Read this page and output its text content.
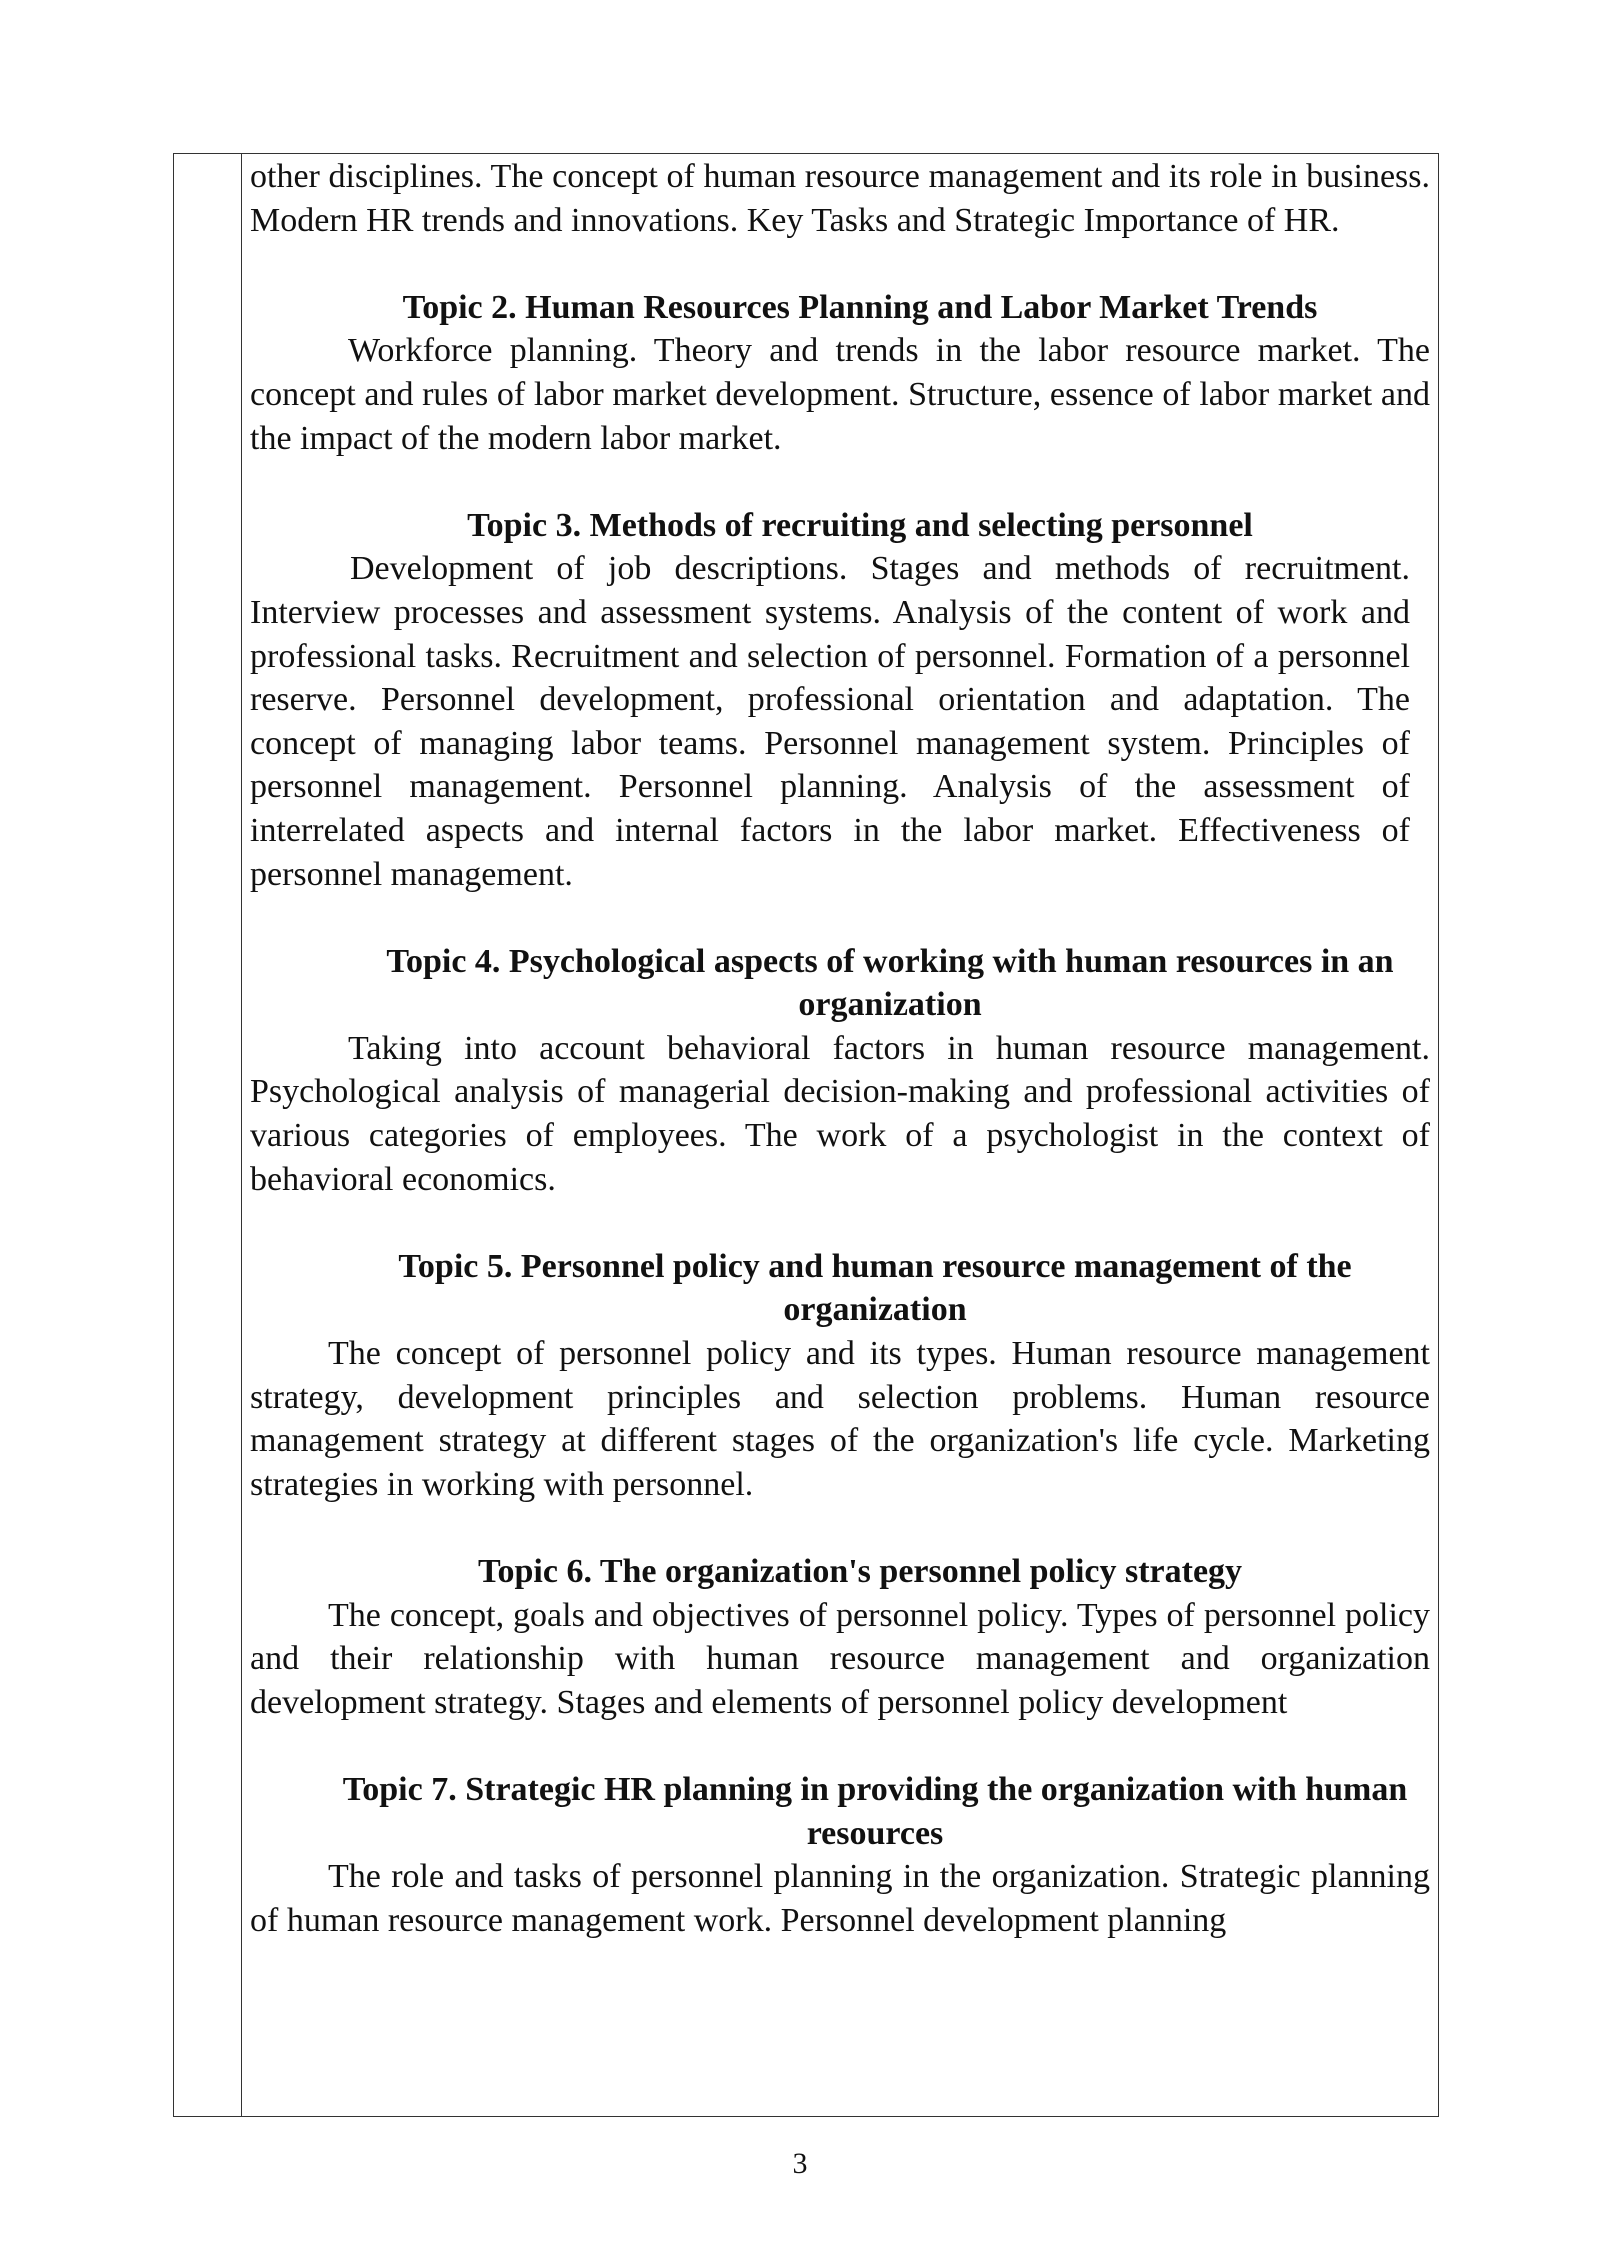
other disciplines. The concept of human resource management and its role in business. Modern HR trends and innovations. Key Tasks and Strategic Importance of HR.

Topic 2. Human Resources Planning and Labor Market Trends

Workforce planning. Theory and trends in the labor resource market. The concept and rules of labor market development. Structure, essence of labor market and the impact of the modern labor market.

Topic 3. Methods of recruiting and selecting personnel

Development of job descriptions. Stages and methods of recruitment. Interview processes and assessment systems. Analysis of the content of work and professional tasks. Recruitment and selection of personnel. Formation of a personnel reserve. Personnel development, professional orientation and adaptation. The concept of managing labor teams. Personnel management system. Principles of personnel management. Personnel planning. Analysis of the assessment of interrelated aspects and internal factors in the labor market. Effectiveness of personnel management.

Topic 4. Psychological aspects of working with human resources in an organization

Taking into account behavioral factors in human resource management. Psychological analysis of managerial decision-making and professional activities of various categories of employees. The work of a psychologist in the context of behavioral economics.

Topic 5. Personnel policy and human resource management of the organization

The concept of personnel policy and its types. Human resource management strategy, development principles and selection problems. Human resource management strategy at different stages of the organization's life cycle. Marketing strategies in working with personnel.

Topic 6. The organization's personnel policy strategy

The concept, goals and objectives of personnel policy. Types of personnel policy and their relationship with human resource management and organization development strategy. Stages and elements of personnel policy development

Topic 7. Strategic HR planning in providing the organization with human resources

The role and tasks of personnel planning in the organization. Strategic planning of human resource management work. Personnel development planning

3
